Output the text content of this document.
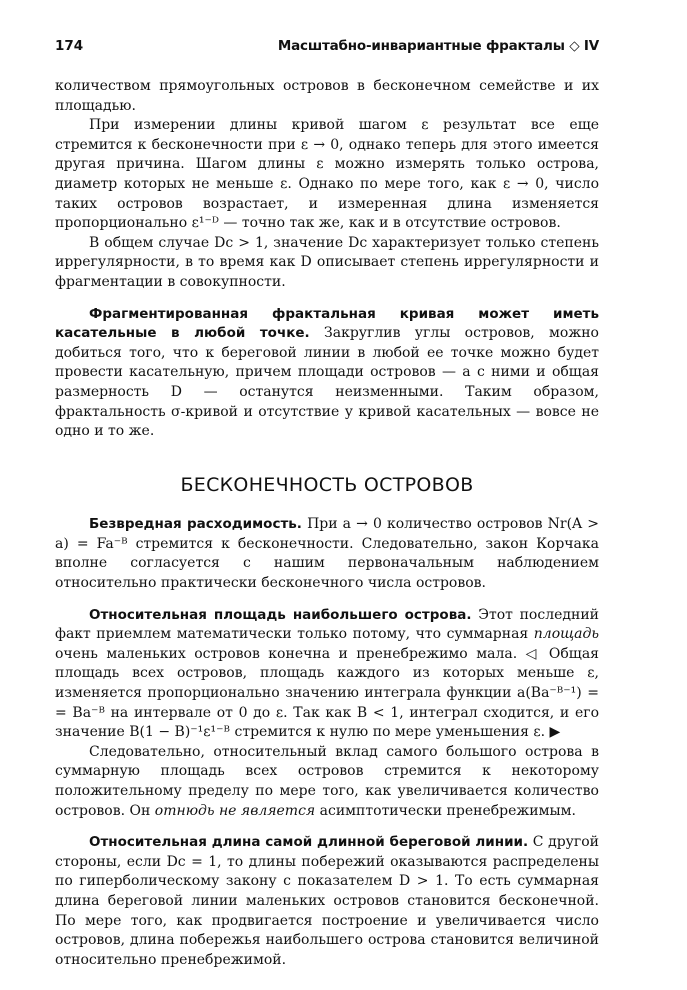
174	Масштабно-инвариантные фракталы ◇ IV

количеством прямоугольных островов в бесконечном семействе и их площадью.

При измерении длины кривой шагом ε результат все еще стремится к бесконечности при ε → 0, однако теперь для этого имеется другая причина. Шагом длины ε можно измерять только острова, диаметр которых не меньше ε. Однако по мере того, как ε → 0, число таких островов возрастает, и измеренная длина изменяется пропорционально ε¹⁻ᴰ — точно так же, как и в отсутствие островов.

В общем случае Dc > 1, значение Dc характеризует только степень иррегулярности, в то время как D описывает степень иррегулярности и фрагментации в совокупности.

Фрагментированная фрактальная кривая может иметь касательные в любой точке. Закруглив углы островов, можно добиться того, что к береговой линии в любой ее точке можно будет провести касательную, причем площади островов — а с ними и общая размерность D — останутся неизменными. Таким образом, фрактальность σ-кривой и отсутствие у кривой касательных — вовсе не одно и то же.

БЕСКОНЕЧНОСТЬ ОСТРОВОВ

Безвредная расходимость. При a → 0 количество островов Nr(A > a) = Fa⁻ᴮ стремится к бесконечности. Следовательно, закон Корчака вполне согласуется с нашим первоначальным наблюдением относительно практически бесконечного числа островов.

Относительная площадь наибольшего острова. Этот последний факт приемлем математически только потому, что суммарная площадь очень маленьких островов конечна и пренебрежимо мала. ◁ Общая площадь всех островов, площадь каждого из которых меньше ε, изменяется пропорционально значению интеграла функции a(Ba⁻ᴮ⁻¹) = = Ba⁻ᴮ на интервале от 0 до ε. Так как B < 1, интеграл сходится, и его значение B(1 − B)⁻¹ε¹⁻ᴮ стремится к нулю по мере уменьшения ε. ▶

Следовательно, относительный вклад самого большого острова в суммарную площадь всех островов стремится к некоторому положительному пределу по мере того, как увеличивается количество островов. Он отнюдь не является асимптотически пренебрежимым.

Относительная длина самой длинной береговой линии. С другой стороны, если Dc = 1, то длины побережий оказываются распределены по гиперболическому закону с показателем D > 1. То есть суммарная длина береговой линии маленьких островов становится бесконечной. По мере того, как продвигается построение и увеличивается число островов, длина побережья наибольшего острова становится величиной относительно пренебрежимой.
